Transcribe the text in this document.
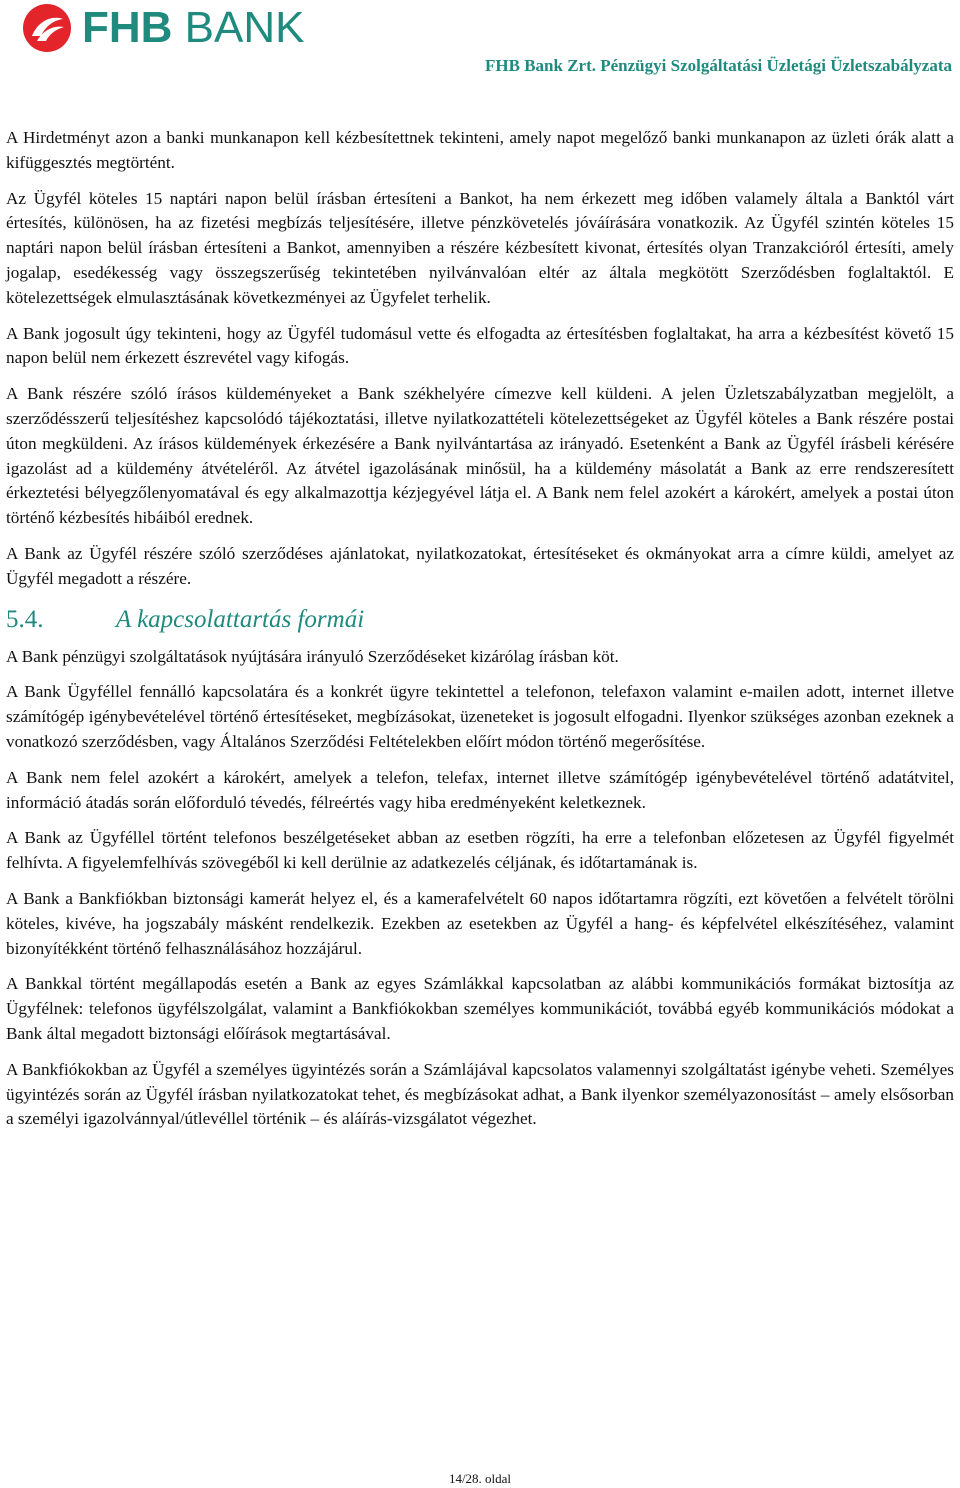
FHB BANK
FHB Bank Zrt. Pénzügyi Szolgáltatási Üzletági Üzletszabályzata

A Hirdetményt azon a banki munkanapon kell kézbesítettnek tekinteni, amely napot megelőző banki munkanapon az üzleti órák alatt a kifüggesztés megtörtént.

Az Ügyfél köteles 15 naptári napon belül írásban értesíteni a Bankot, ha nem érkezett meg időben valamely általa a Banktól várt értesítés, különösen, ha az fizetési megbízás teljesítésére, illetve pénzkövetelés jóváírására vonatkozik. Az Ügyfél szintén köteles 15 naptári napon belül írásban értesíteni a Bankot, amennyiben a részére kézbesített kivonat, értesítés olyan Tranzakcióról értesíti, amely jogalap, esedékesség vagy összegszerűség tekintetében nyilvánvalóan eltér az általa megkötött Szerződésben foglaltaktól. E kötelezettségek elmulasztásának következményei az Ügyfelet terhelik.

A Bank jogosult úgy tekinteni, hogy az Ügyfél tudomásul vette és elfogadta az értesítésben foglaltakat, ha arra a kézbesítést követő 15 napon belül nem érkezett észrevétel vagy kifogás.

A Bank részére szóló írásos küldeményeket a Bank székhelyére címezve kell küldeni. A jelen Üzletszabályzatban megjelölt, a szerződésszerű teljesítéshez kapcsolódó tájékoztatási, illetve nyilatkozattételi kötelezettségeket az Ügyfél köteles a Bank részére postai úton megküldeni. Az írásos küldemények érkezésére a Bank nyilvántartása az irányadó. Esetenként a Bank az Ügyfél írásbeli kérésére igazolást ad a küldemény átvételéről. Az átvétel igazolásának minősül, ha a küldemény másolatát a Bank az erre rendszeresített érkeztetési bélyegzőlenyomatával és egy alkalmazottja kézjegyével látja el. A Bank nem felel azokért a károkért, amelyek a postai úton történő kézbesítés hibáiból erednek.

A Bank az Ügyfél részére szóló szerződéses ajánlatokat, nyilatkozatokat, értesítéseket és okmányokat arra a címre küldi, amelyet az Ügyfél megadott a részére.

5.4.	A kapcsolattartás formái

A Bank pénzügyi szolgáltatások nyújtására irányuló Szerződéseket kizárólag írásban köt.

A Bank Ügyféllel fennálló kapcsolatára és a konkrét ügyre tekintettel a telefonon, telefaxon valamint e-mailen adott, internet illetve számítógép igénybevételével történő értesítéseket, megbízásokat, üzeneteket is jogosult elfogadni. Ilyenkor szükséges azonban ezeknek a vonatkozó szerződésben, vagy Általános Szerződési Feltételekben előírt módon történő megerősítése.

A Bank nem felel azokért a károkért, amelyek a telefon, telefax, internet illetve számítógép igénybevételével történő adatátvitel, információ átadás során előforduló tévedés, félreértés vagy hiba eredményeként keletkeznek.

A Bank az Ügyféllel történt telefonos beszélgetéseket abban az esetben rögzíti, ha erre a telefonban előzetesen az Ügyfél figyelmét felhívta. A figyelemfelhívás szövegéből ki kell derülnie az adatkezelés céljának, és időtartamának is.

A Bank a Bankfiókban biztonsági kamerát helyez el, és a kamerafelvételt 60 napos időtartamra rögzíti, ezt követően a felvételt törölni köteles, kivéve, ha jogszabály másként rendelkezik. Ezekben az esetekben az Ügyfél a hang- és képfelvétel elkészítéséhez, valamint bizonyítékként történő felhasználásához hozzájárul.

A Bankkal történt megállapodás esetén a Bank az egyes Számlákkal kapcsolatban az alábbi kommunikációs formákat biztosítja az Ügyfélnek: telefonos ügyfélszolgálat, valamint a Bankfiókokban személyes kommunikációt, továbbá egyéb kommunikációs módokat a Bank által megadott biztonsági előírások megtartásával.

A Bankfiókokban az Ügyfél a személyes ügyintézés során a Számlájával kapcsolatos valamennyi szolgáltatást igénybe veheti. Személyes ügyintézés során az Ügyfél írásban nyilatkozatokat tehet, és megbízásokat adhat, a Bank ilyenkor személyazonosítást – amely elsősorban a személyi igazolvánnyal/útlevéllel történik – és aláírás-vizsgálatot végezhet.

14/28. oldal
